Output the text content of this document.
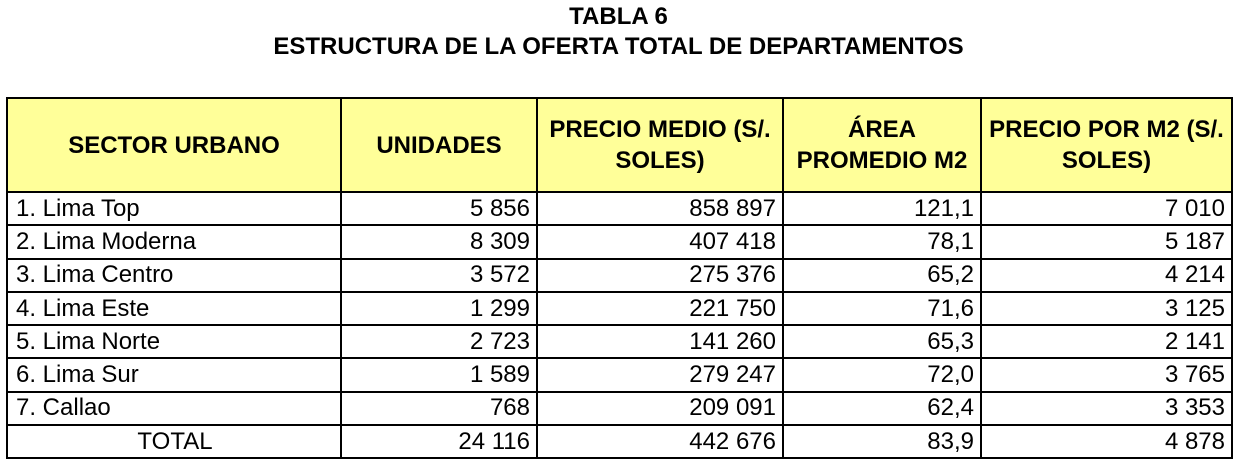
TABLA 6
ESTRUCTURA DE LA OFERTA TOTAL DE DEPARTAMENTOS
SECTOR URBANO	UNIDADES	PRECIO MEDIO (S/. SOLES)	ÁREA PROMEDIO M2	PRECIO POR M2 (S/. SOLES)
1. Lima Top	5 856	858 897	121,1	7 010
2. Lima Moderna	8 309	407 418	78,1	5 187
3. Lima Centro	3 572	275 376	65,2	4 214
4. Lima Este	1 299	221 750	71,6	3 125
5. Lima Norte	2 723	141 260	65,3	2 141
6. Lima Sur	1 589	279 247	72,0	3 765
7. Callao	768	209 091	62,4	3 353
TOTAL	24 116	442 676	83,9	4 878
